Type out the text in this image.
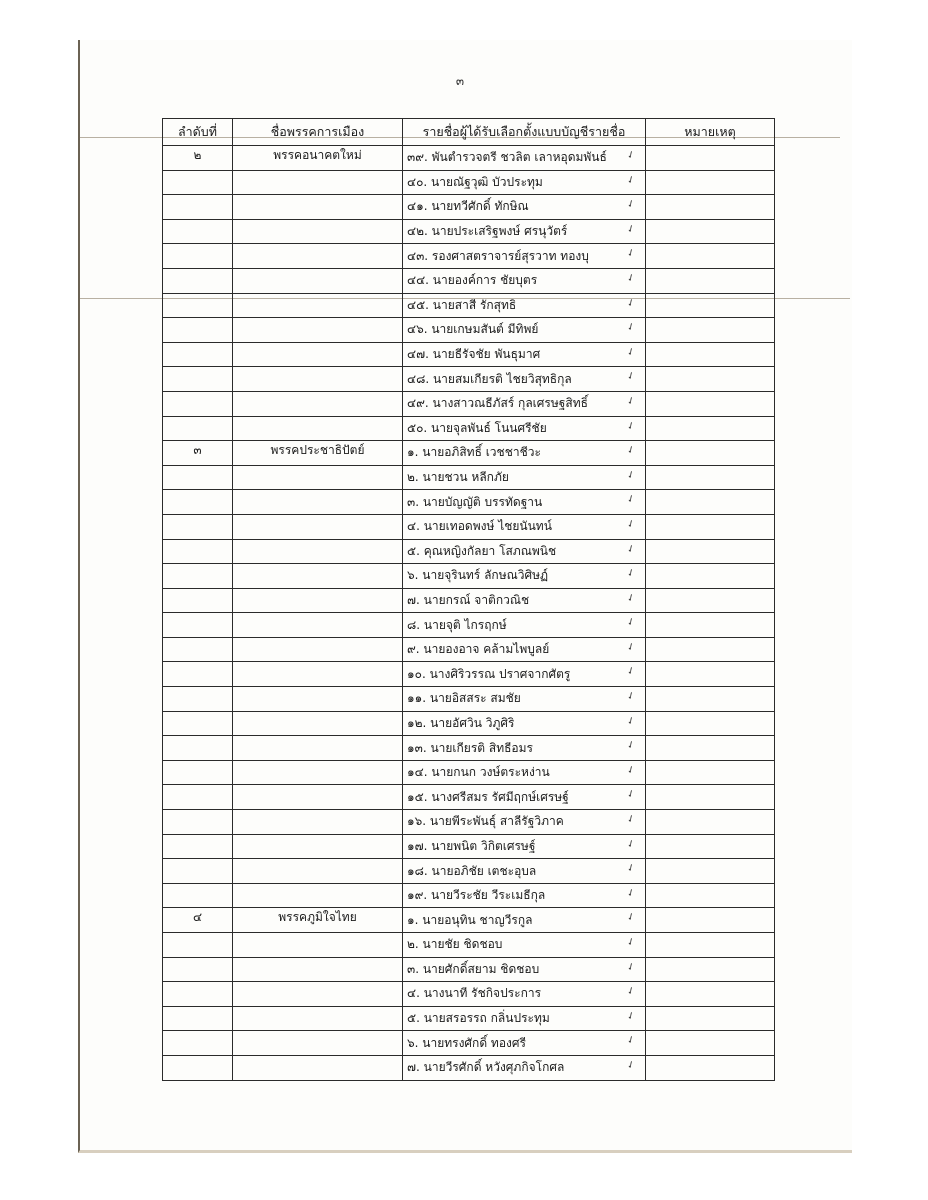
๓
ลำดับที่	ชื่อพรรคการเมือง	รายชื่อผู้ได้รับเลือกตั้งแบบบัญชีรายชื่อ	หมายเหตุ
๒	พรรคอนาคตใหม่	๓๙. พันตำรวจตรี ชวลิต เลาหอุดมพันธ์ ✓	

		๔๐. นายณัฐวุฒิ บัวประทุม ✓	

		๔๑. นายทวีศักดิ์ ทักษิณ ✓	

		๔๒. นายประเสริฐพงษ์ ศรนุวัตร์ ✓	

		๔๓. รองศาสตราจารย์สุรวาท ทองบุ ✓	

		๔๔. นายองค์การ ชัยบุตร ✓	

		๔๕. นายสาสี รักสุทธิ ✓	

		๔๖. นายเกษมสันต์ มีทิพย์ ✓	

		๔๗. นายธีรัจชัย พันธุมาศ ✓	

		๔๘. นายสมเกียรติ ไชยวิสุทธิกุล ✓	

		๔๙. นางสาวณธีภัสร์ กุลเศรษฐสิทธิ์ ✓	

		๕๐. นายจุลพันธ์ โนนศรีชัย ✓	

๓	พรรคประชาธิปัตย์	๑. นายอภิสิทธิ์ เวชชาชีวะ ✓	

		๒. นายชวน หลีกภัย ✓	

		๓. นายบัญญัติ บรรทัดฐาน ✓	

		๔. นายเทอดพงษ์ ไชยนันทน์ ✓	

		๕. คุณหญิงกัลยา โสภณพนิช ✓	

		๖. นายจุรินทร์ ลักษณวิศิษฏ์ ✓	

		๗. นายกรณ์ จาติกวณิช ✓	

		๘. นายจุติ ไกรฤกษ์ ✓	

		๙. นายองอาจ คล้ามไพบูลย์ ✓	

		๑๐. นางศิริวรรณ ปราศจากศัตรู ✓	

		๑๑. นายอิสสระ สมชัย ✓	

		๑๒. นายอัศวิน วิภูศิริ ✓	

		๑๓. นายเกียรติ สิทธีอมร ✓	

		๑๔. นายกนก วงษ์ตระหง่าน ✓	

		๑๕. นางศรีสมร รัศมีฤกษ์เศรษฐ์ ✓	

		๑๖. นายพีระพันธุ์ สาลีรัฐวิภาค ✓	

		๑๗. นายพนิต วิกิตเศรษฐ์ ✓	

		๑๘. นายอภิชัย เตชะอุบล ✓	

		๑๙. นายวีระชัย วีระเมธีกุล ✓	

๔	พรรคภูมิใจไทย	๑. นายอนุทิน ชาญวีรกูล ✓	

		๒. นายชัย ชิดชอบ ✓	

		๓. นายศักดิ์สยาม ชิดชอบ ✓	

		๔. นางนาที รัชกิจประการ ✓	

		๕. นายสรอรรถ กลิ่นประทุม ✓	

		๖. นายทรงศักดิ์ ทองศรี ✓	

		๗. นายวีรศักดิ์ หวังศุภกิจโกศล ✓	
